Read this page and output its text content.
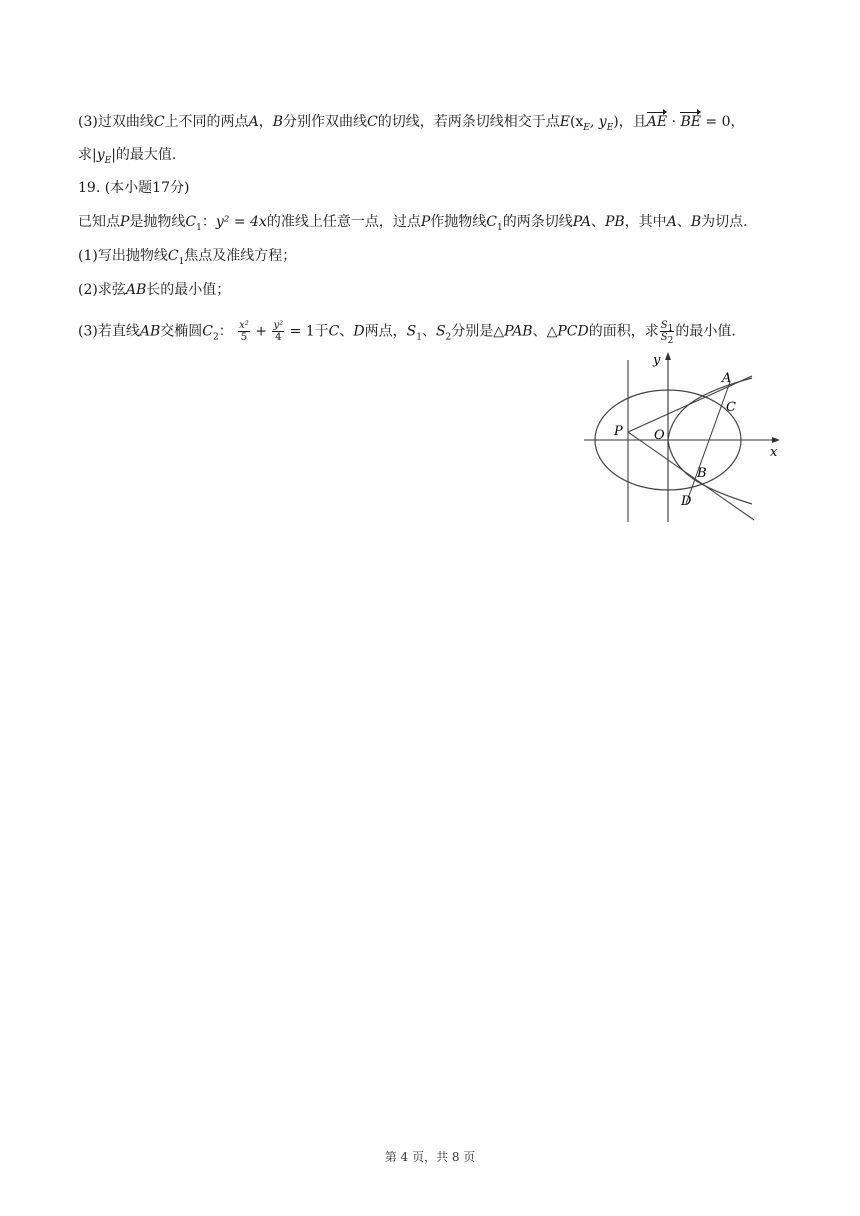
(3)过双曲线C上不同的两点A，B分别作双曲线C的切线，若两条切线相交于点$E(x_E$, $y_E$)，且AE · BE = 0，
求$|y_E|$的最大值.
19. (本小题17分)
已知点P是抛物线$C_1$：y² = 4x的准线上任意一点，过点P作抛物线$C_1$的两条切线PA、PB，其中A、B为切点.
(1)写出抛物线$C_1$焦点及准线方程；
(2)求弦AB长的最小值；
(3)若直线AB交椭圆$C_2$： $\frac{\text{x²}}{5} + \frac{\text{y²}}{4} = 1$于C、D两点，$S_1$、$S_2$分别是△PAB、△PCD的面积，求 $\frac{S_1}{S_2}$ 的最小值.
y
x
A
C
P O
B
D
第 4 页，共 8 页
